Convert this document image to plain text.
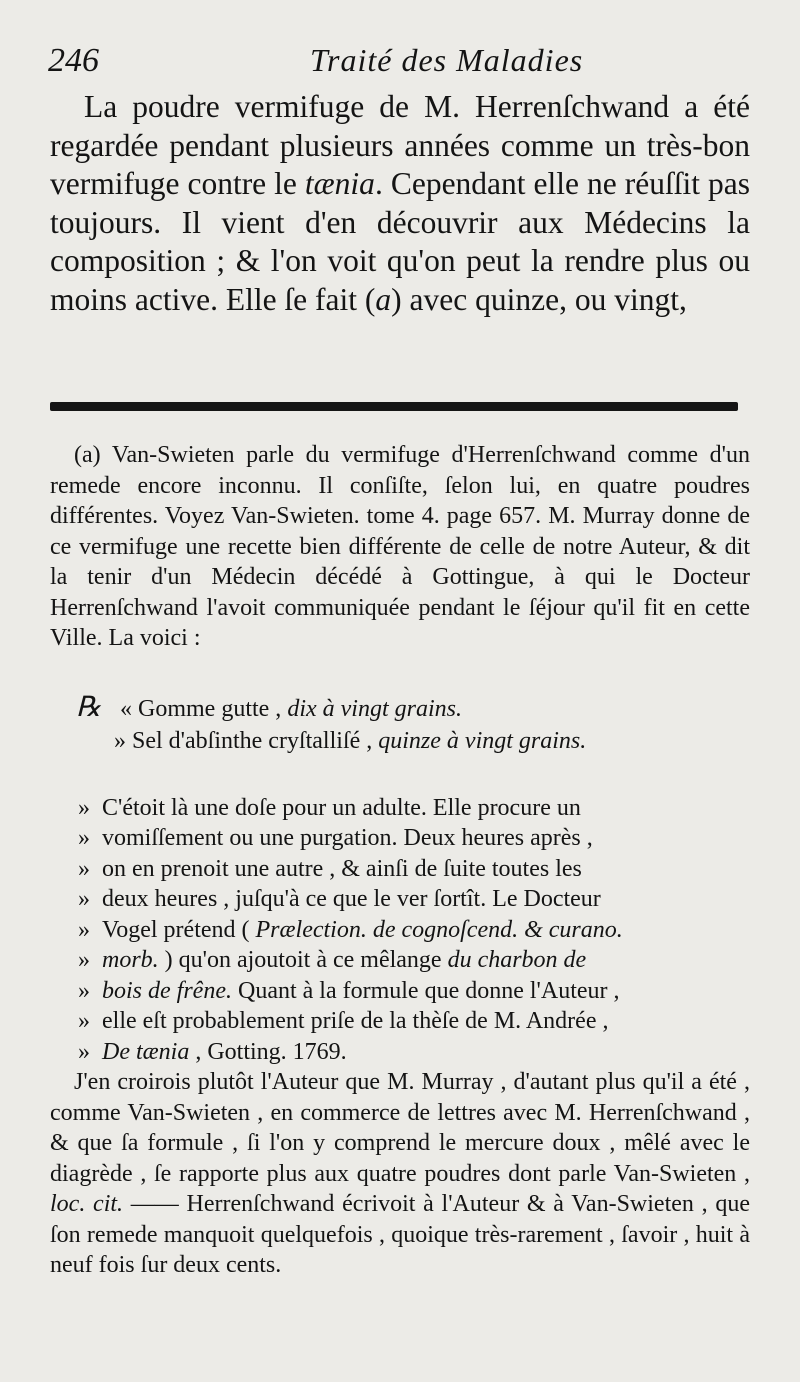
246	Traité des Maladies

La poudre vermifuge de M. Herrenſchwand a été regardée pendant plusieurs années comme un très-bon vermifuge contre le tænia. Cependant elle ne réuſſit pas toujours. Il vient d'en découvrir aux Médecins la composition ; & l'on voit qu'on peut la rendre plus ou moins active. Elle ſe fait (a) avec quinze, ou vingt,

(a) Van-Swieten parle du vermifuge d'Herrenſchwand comme d'un remede encore inconnu. Il conſiſte, ſelon lui, en quatre poudres différentes. Voyez Van-Swieten. tome 4. page 657. M. Murray donne de ce vermifuge une recette bien différente de celle de notre Auteur, & dit la tenir d'un Médecin décédé à Gottingue, à qui le Docteur Herrenſchwand l'avoit communiquée pendant le ſéjour qu'il fit en cette Ville. La voici :

℞ « Gomme gutte , dix à vingt grains.

» Sel d'abſinthe cryſtalliſé , quinze à vingt grains.

» C'étoit là une doſe pour un adulte. Elle procure un

» vomiſſement ou une purgation. Deux heures après ,

» on en prenoit une autre , & ainſi de ſuite toutes les

» deux heures , juſqu'à ce que le ver ſortît. Le Docteur

» Vogel prétend ( Prælection. de cognoſcend. & curano.

» morb. ) qu'on ajoutoit à ce mêlange du charbon de

» bois de frêne. Quant à la formule que donne l'Auteur ,

» elle eſt probablement priſe de la thèſe de M. Andrée ,

» De tænia , Gotting. 1769.

J'en croirois plutôt l'Auteur que M. Murray , d'autant plus qu'il a été , comme Van-Swieten , en commerce de lettres avec M. Herrenſchwand , & que ſa formule , ſi l'on y comprend le mercure doux , mêlé avec le diagrède , ſe rapporte plus aux quatre poudres dont parle Van-Swieten , loc. cit. —— Herrenſchwand écrivoit à l'Auteur & à Van-Swieten , que ſon remede manquoit quelquefois , quoique très-rarement , ſavoir , huit à neuf fois ſur deux cents.
